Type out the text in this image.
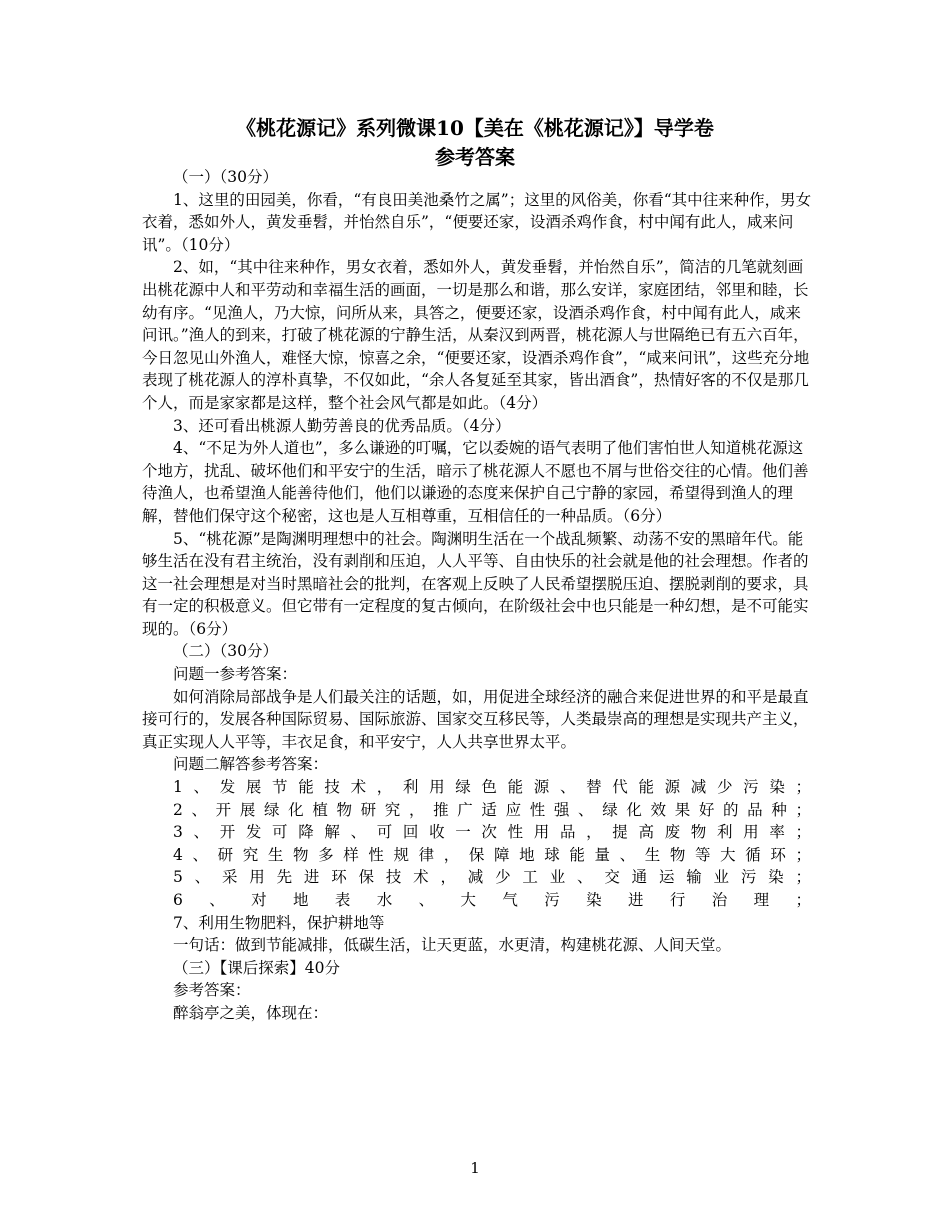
《桃花源记》系列微课10【美在《桃花源记》】导学卷
参考答案

（一）（30分）

1、这里的田园美，你看，“有良田美池桑竹之属”；这里的风俗美，你看“其中往来种作，男女衣着，悉如外人，黄发垂髫，并怡然自乐”，“便要还家，设酒杀鸡作食，村中闻有此人，咸来问讯”。（10分）

2、如，“其中往来种作，男女衣着，悉如外人，黄发垂髫，并怡然自乐”，简洁的几笔就刻画出桃花源中人和平劳动和幸福生活的画面，一切是那么和谐，那么安详，家庭团结，邻里和睦，长幼有序。“见渔人，乃大惊，问所从来，具答之，便要还家，设酒杀鸡作食，村中闻有此人，咸来问讯。”渔人的到来，打破了桃花源的宁静生活，从秦汉到两晋，桃花源人与世隔绝已有五六百年，今日忽见山外渔人，难怪大惊，惊喜之余，“便要还家，设酒杀鸡作食”，“咸来问讯”，这些充分地表现了桃花源人的淳朴真挚，不仅如此，“余人各复延至其家，皆出酒食”，热情好客的不仅是那几个人，而是家家都是这样，整个社会风气都是如此。（4分）

3、还可看出桃源人勤劳善良的优秀品质。（4分）

4、“不足为外人道也”，多么谦逊的叮嘱，它以委婉的语气表明了他们害怕世人知道桃花源这个地方，扰乱、破坏他们和平安宁的生活，暗示了桃花源人不愿也不屑与世俗交往的心情。他们善待渔人，也希望渔人能善待他们，他们以谦逊的态度来保护自己宁静的家园，希望得到渔人的理解，替他们保守这个秘密，这也是人互相尊重，互相信任的一种品质。（6分）

5、“桃花源”是陶渊明理想中的社会。陶渊明生活在一个战乱频繁、动荡不安的黑暗年代。能够生活在没有君主统治，没有剥削和压迫，人人平等、自由快乐的社会就是他的社会理想。作者的这一社会理想是对当时黑暗社会的批判，在客观上反映了人民希望摆脱压迫、摆脱剥削的要求，具有一定的积极意义。但它带有一定程度的复古倾向，在阶级社会中也只能是一种幻想，是不可能实现的。（6分）

（二）（30分）

问题一参考答案：

如何消除局部战争是人们最关注的话题，如，用促进全球经济的融合来促进世界的和平是最直接可行的，发展各种国际贸易、国际旅游、国家交互移民等，人类最崇高的理想是实现共产主义，真正实现人人平等，丰衣足食，和平安宁，人人共享世界太平。

问题二解答参考答案：

1、发展节能技术，利用绿色能源、替代能源减少污染；

2、开展绿化植物研究，推广适应性强、绿化效果好的品种；

3、开发可降解、可回收一次性用品，提高废物利用率；

4、研究生物多样性规律，保障地球能量、生物等大循环；

5、采用先进环保技术，减少工业、交通运输业污染；

6、对地表水、大气污染进行治理；

7、利用生物肥料，保护耕地等

一句话：做到节能减排，低碳生活，让天更蓝，水更清，构建桃花源、人间天堂。

（三）【课后探索】40分

参考答案：

醉翁亭之美，体现在：

1
